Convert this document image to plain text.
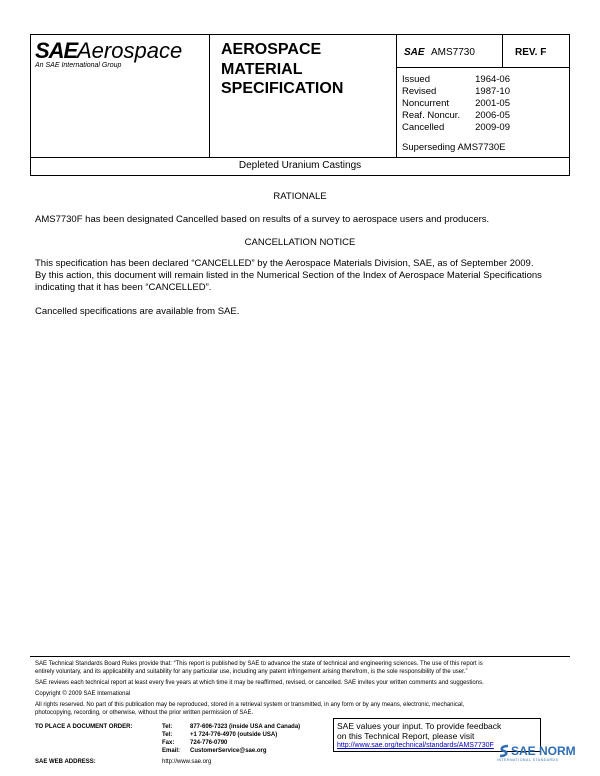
SAE Aerospace
An SAE International Group
AEROSPACE
MATERIAL
SPECIFICATION
SAE AMS7730	REV. F
Issued	1964-06
Revised	1987-10
Noncurrent	2001-05
Reaf. Noncur. 2006-05
Cancelled	2009-09
Superseding AMS7730E
Depleted Uranium Castings
RATIONALE
AMS7730F has been designated Cancelled based on results of a survey to aerospace users and producers.
CANCELLATION NOTICE
This specification has been declared “CANCELLED” by the Aerospace Materials Division, SAE, as of September 2009.
By this action, this document will remain listed in the Numerical Section of the Index of Aerospace Material Specifications
indicating that it has been “CANCELLED”.
Cancelled specifications are available from SAE.
SAE Technical Standards Board Rules provide that: “This report is published by SAE to advance the state of technical and engineering sciences. The use of this report is
entirely voluntary, and its applicability and suitability for any particular use, including any patent infringement arising therefrom, is the sole responsibility of the user.”
SAE reviews each technical report at least every five years at which time it may be reaffirmed, revised, or cancelled. SAE invites your written comments and suggestions.
Copyright © 2009 SAE International
All rights reserved. No part of this publication may be reproduced, stored in a retrieval system or transmitted, in any form or by any means, electronic, mechanical,
photocopying, recording, or otherwise, without the prior written permission of SAE.
TO PLACE A DOCUMENT ORDER:	Tel:	877-606-7323 (inside USA and Canada)
Tel:	+1 724-776-4970 (outside USA)
Fax:	724-776-0790
Email:	CustomerService@sae.org
SAE WEB ADDRESS:	http://www.sae.org
SAE values your input. To provide feedback
on this Technical Report, please visit
http://www.sae.org/technical/standards/AMS7730F	SAE NORM
INTERNATIONAL STANDARDS
